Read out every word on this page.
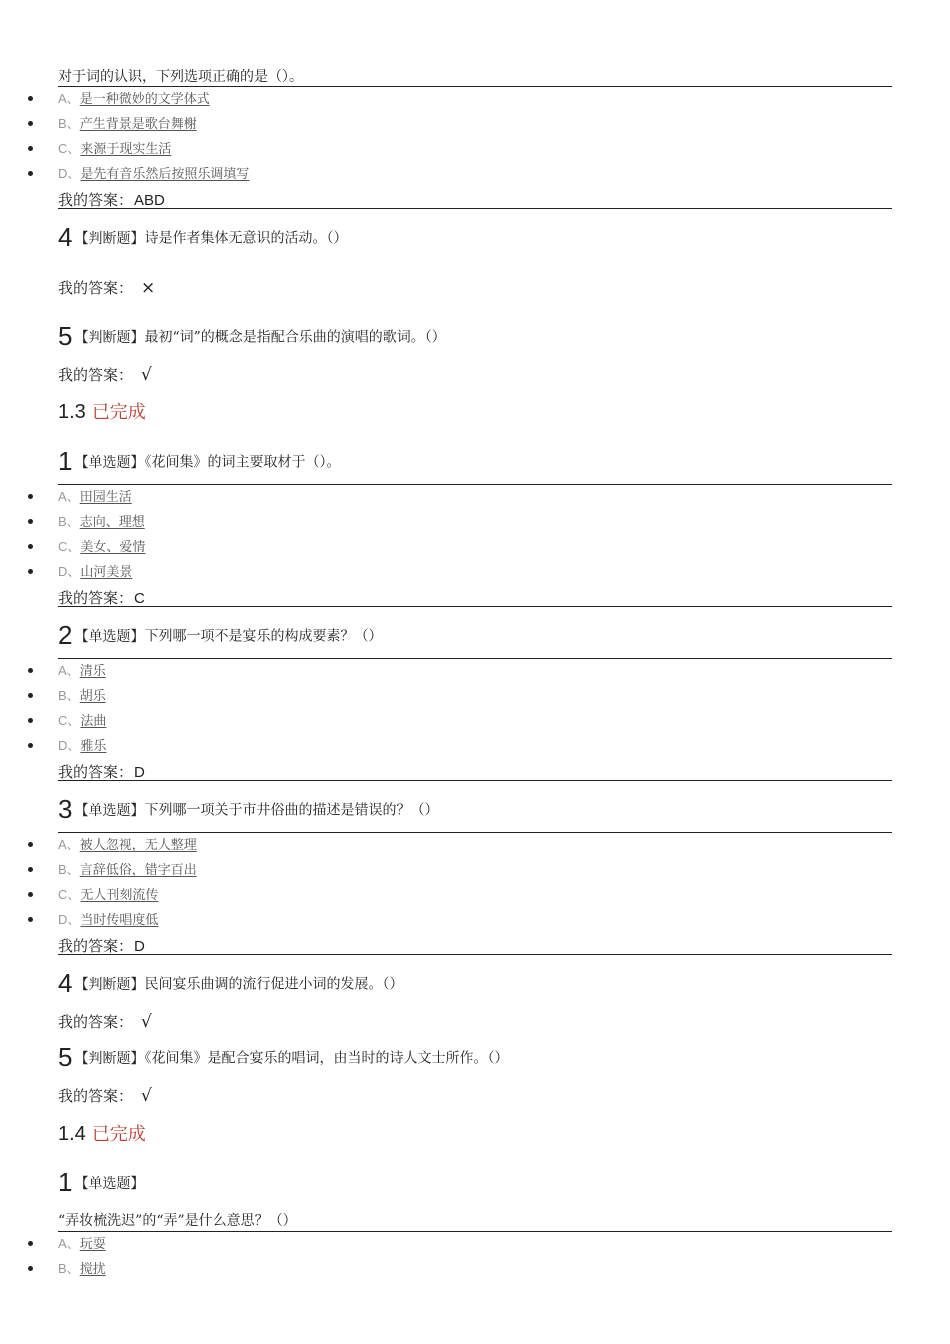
对于词的认识，下列选项正确的是（）。
A、是一种微妙的文学体式
B、产生背景是歌台舞榭
C、来源于现实生活
D、是先有音乐然后按照乐调填写
我的答案：ABD
4 【判断题】诗是作者集体无意识的活动。（）
我的答案： ×
5 【判断题】最初“词”的概念是指配合乐曲的演唱的歌词。（）
我的答案： √
1.3 已完成
1 【单选题】《花间集》的词主要取材于（）。
A、田园生活
B、志向、理想
C、美女、爱情
D、山河美景
我的答案：C
2 【单选题】下列哪一项不是宴乐的构成要素？（）
A、清乐
B、胡乐
C、法曲
D、雅乐
我的答案：D
3 【单选题】下列哪一项关于市井俗曲的描述是错误的？（）
A、被人忽视，无人整理
B、言辞低俗，错字百出
C、无人刊刻流传
D、当时传唱度低
我的答案：D
4 【判断题】民间宴乐曲调的流行促进小词的发展。（）
我的答案： √
5 【判断题】《花间集》是配合宴乐的唱词，由当时的诗人文士所作。（）
我的答案： √
1.4 已完成
1 【单选题】
“弄妆梳洗迟”的“弄”是什么意思？（）
A、玩耍
B、搅扰
